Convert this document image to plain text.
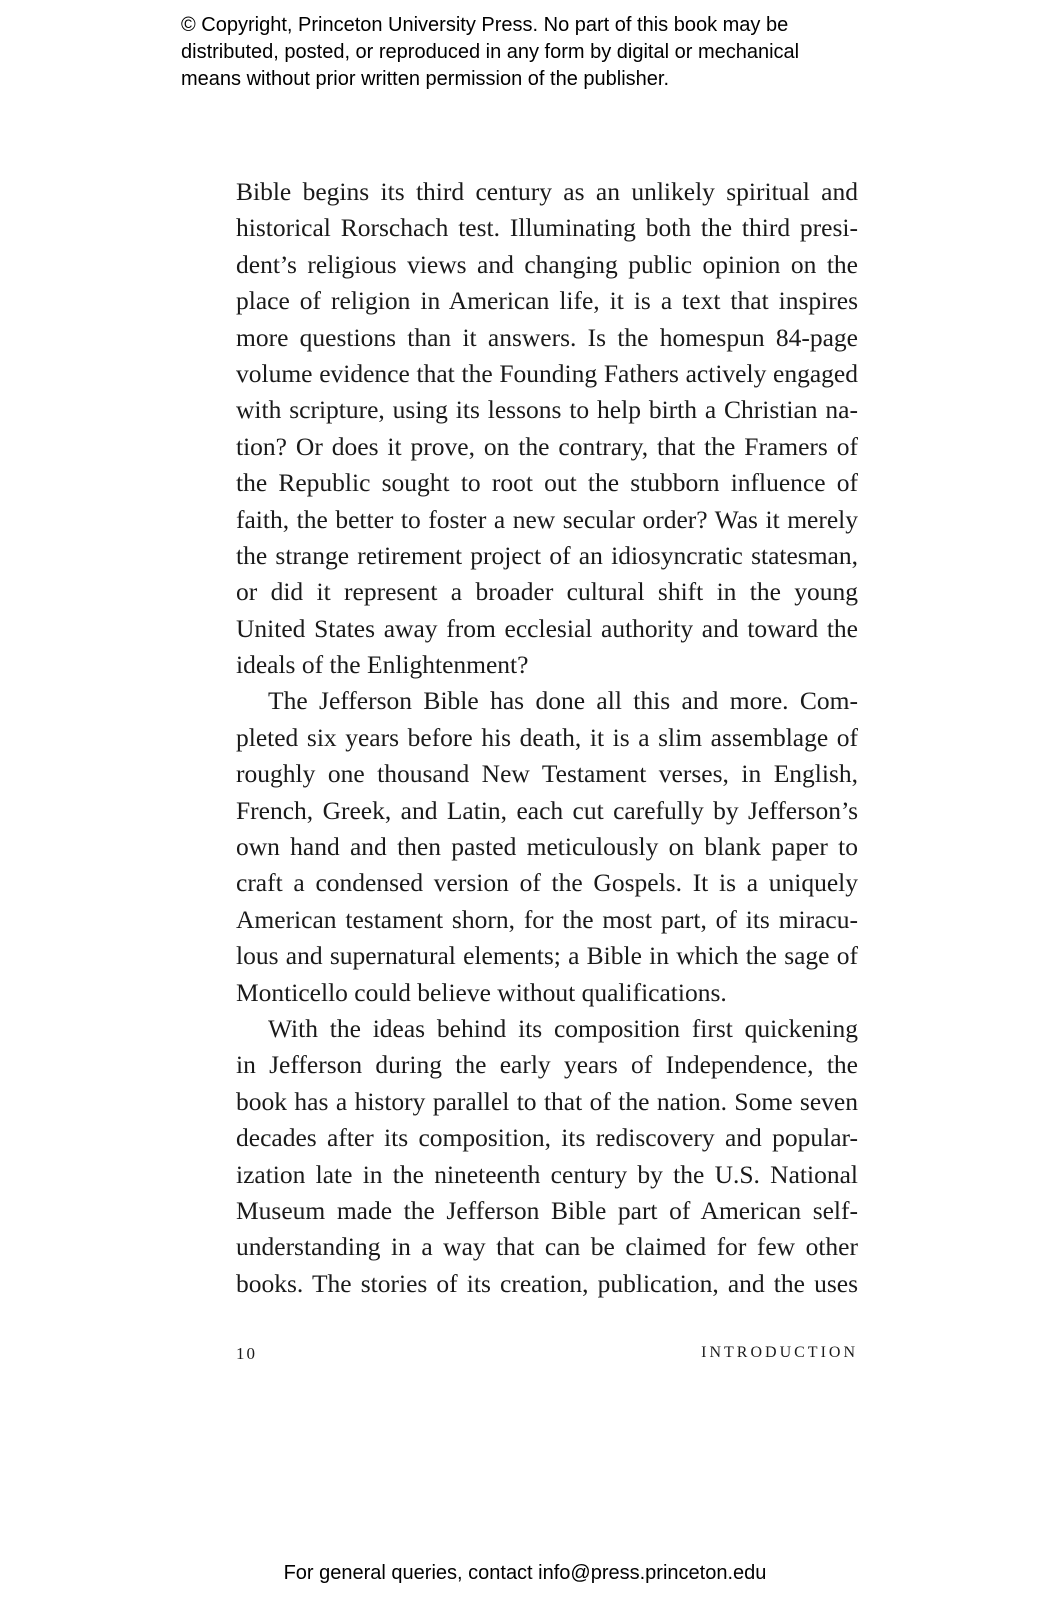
© Copyright, Princeton University Press. No part of this book may be
distributed, posted, or reproduced in any form by digital or mechanical
means without prior written permission of the publisher.
Bible begins its third century as an unlikely spiritual and
historical Rorschach test. Illuminating both the third presi-
dent’s religious views and changing public opinion on the
place of religion in American life, it is a text that inspires
more questions than it answers. Is the homespun 84-page
volume evidence that the Founding Fathers actively engaged
with scripture, using its lessons to help birth a Christian na-
tion? Or does it prove, on the contrary, that the Framers of
the Republic sought to root out the stubborn influence of
faith, the better to foster a new secular order? Was it merely
the strange retirement project of an idiosyncratic statesman,
or did it represent a broader cultural shift in the young
United States away from ecclesial authority and toward the
ideals of the Enlightenment?
The Jefferson Bible has done all this and more. Com-
pleted six years before his death, it is a slim assemblage of
roughly one thousand New Testament verses, in English,
French, Greek, and Latin, each cut carefully by Jefferson’s
own hand and then pasted meticulously on blank paper to
craft a condensed version of the Gospels. It is a uniquely
American testament shorn, for the most part, of its miracu-
lous and supernatural elements; a Bible in which the sage of
Monticello could believe without qualifications.
With the ideas behind its composition first quickening
in Jefferson during the early years of Independence, the
book has a history parallel to that of the nation. Some seven
decades after its composition, its rediscovery and popular-
ization late in the nineteenth century by the U.S. National
Museum made the Jefferson Bible part of American self-
understanding in a way that can be claimed for few other
books. The stories of its creation, publication, and the uses
10	INTRODUCTION
For general queries, contact info@press.princeton.edu
